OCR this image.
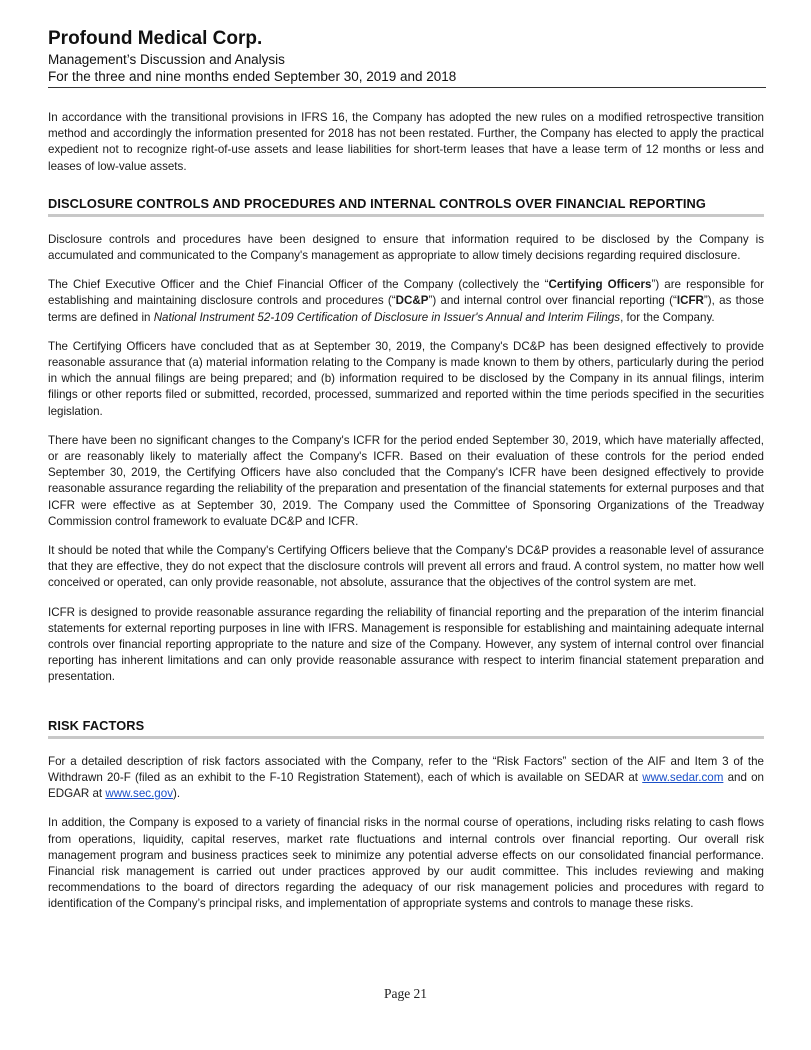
Profound Medical Corp.
Management’s Discussion and Analysis
For the three and nine months ended September 30, 2019 and 2018

In accordance with the transitional provisions in IFRS 16, the Company has adopted the new rules on a modified retrospective transition method and accordingly the information presented for 2018 has not been restated. Further, the Company has elected to apply the practical expedient not to recognize right-of-use assets and lease liabilities for short-term leases that have a lease term of 12 months or less and leases of low-value assets.

DISCLOSURE CONTROLS AND PROCEDURES AND INTERNAL CONTROLS OVER FINANCIAL REPORTING

Disclosure controls and procedures have been designed to ensure that information required to be disclosed by the Company is accumulated and communicated to the Company's management as appropriate to allow timely decisions regarding required disclosure.

The Chief Executive Officer and the Chief Financial Officer of the Company (collectively the “Certifying Officers”) are responsible for establishing and maintaining disclosure controls and procedures (“DC&P”) and internal control over financial reporting (“ICFR”), as those terms are defined in National Instrument 52-109 Certification of Disclosure in Issuer's Annual and Interim Filings, for the Company.

The Certifying Officers have concluded that as at September 30, 2019, the Company's DC&P has been designed effectively to provide reasonable assurance that (a) material information relating to the Company is made known to them by others, particularly during the period in which the annual filings are being prepared; and (b) information required to be disclosed by the Company in its annual filings, interim filings or other reports filed or submitted, recorded, processed, summarized and reported within the time periods specified in the securities legislation.

There have been no significant changes to the Company's ICFR for the period ended September 30, 2019, which have materially affected, or are reasonably likely to materially affect the Company's ICFR. Based on their evaluation of these controls for the period ended September 30, 2019, the Certifying Officers have also concluded that the Company's ICFR have been designed effectively to provide reasonable assurance regarding the reliability of the preparation and presentation of the financial statements for external purposes and that ICFR were effective as at September 30, 2019. The Company used the Committee of Sponsoring Organizations of the Treadway Commission control framework to evaluate DC&P and ICFR.

It should be noted that while the Company's Certifying Officers believe that the Company's DC&P provides a reasonable level of assurance that they are effective, they do not expect that the disclosure controls will prevent all errors and fraud. A control system, no matter how well conceived or operated, can only provide reasonable, not absolute, assurance that the objectives of the control system are met.

ICFR is designed to provide reasonable assurance regarding the reliability of financial reporting and the preparation of the interim financial statements for external reporting purposes in line with IFRS. Management is responsible for establishing and maintaining adequate internal controls over financial reporting appropriate to the nature and size of the Company. However, any system of internal control over financial reporting has inherent limitations and can only provide reasonable assurance with respect to interim financial statement preparation and presentation.

RISK FACTORS

For a detailed description of risk factors associated with the Company, refer to the “Risk Factors” section of the AIF and Item 3 of the Withdrawn 20-F (filed as an exhibit to the F-10 Registration Statement), each of which is available on SEDAR at www.sedar.com and on EDGAR at www.sec.gov).

In addition, the Company is exposed to a variety of financial risks in the normal course of operations, including risks relating to cash flows from operations, liquidity, capital reserves, market rate fluctuations and internal controls over financial reporting. Our overall risk management program and business practices seek to minimize any potential adverse effects on our consolidated financial performance. Financial risk management is carried out under practices approved by our audit committee. This includes reviewing and making recommendations to the board of directors regarding the adequacy of our risk management policies and procedures with regard to identification of the Company’s principal risks, and implementation of appropriate systems and controls to manage these risks.

Page 21
